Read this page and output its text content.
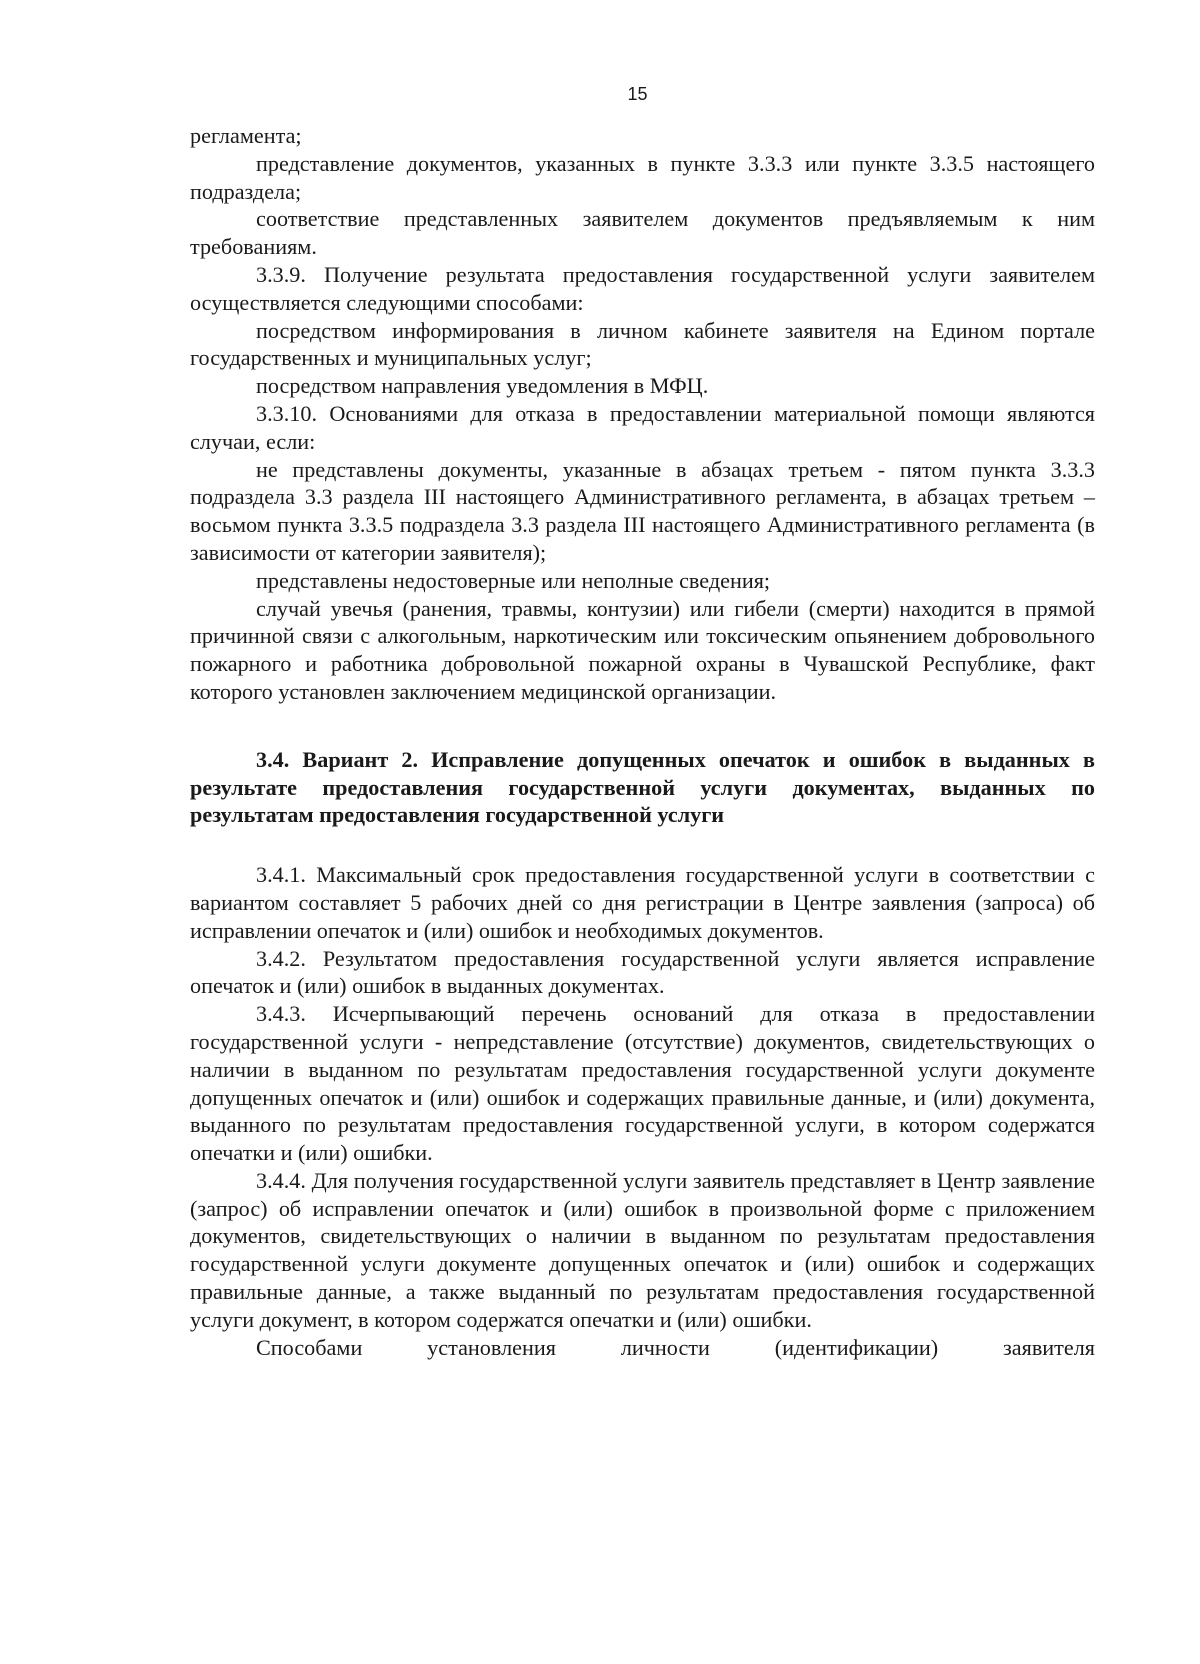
15

регламента;

представление документов, указанных в пункте 3.3.3 или пункте 3.3.5 настоящего подраздела;

соответствие представленных заявителем документов предъявляемым к ним требованиям.

3.3.9. Получение результата предоставления государственной услуги заявителем осуществляется следующими способами:

посредством информирования в личном кабинете заявителя на Едином портале государственных и муниципальных услуг;

посредством направления уведомления в МФЦ.

3.3.10. Основаниями для отказа в предоставлении материальной помощи являются случаи, если:

не представлены документы, указанные в абзацах третьем - пятом пункта 3.3.3 подраздела 3.3 раздела III настоящего Административного регламента, в абзацах третьем – восьмом пункта 3.3.5 подраздела 3.3 раздела III настоящего Административного регламента (в зависимости от категории заявителя);

представлены недостоверные или неполные сведения;

случай увечья (ранения, травмы, контузии) или гибели (смерти) находится в прямой причинной связи с алкогольным, наркотическим или токсическим опьянением добровольного пожарного и работника добровольной пожарной охраны в Чувашской Республике, факт которого установлен заключением медицинской организации.

3.4. Вариант 2. Исправление допущенных опечаток и ошибок в выданных в результате предоставления государственной услуги документах, выданных по результатам предоставления государственной услуги

3.4.1. Максимальный срок предоставления государственной услуги в соответствии с вариантом составляет 5 рабочих дней со дня регистрации в Центре заявления (запроса) об исправлении опечаток и (или) ошибок и необходимых документов.

3.4.2. Результатом предоставления государственной услуги является исправление опечаток и (или) ошибок в выданных документах.

3.4.3. Исчерпывающий перечень оснований для отказа в предоставлении государственной услуги - непредставление (отсутствие) документов, свидетельствующих о наличии в выданном по результатам предоставления государственной услуги документе допущенных опечаток и (или) ошибок и содержащих правильные данные, и (или) документа, выданного по результатам предоставления государственной услуги, в котором содержатся опечатки и (или) ошибки.

3.4.4. Для получения государственной услуги заявитель представляет в Центр заявление (запрос) об исправлении опечаток и (или) ошибок в произвольной форме с приложением документов, свидетельствующих о наличии в выданном по результатам предоставления государственной услуги документе допущенных опечаток и (или) ошибок и содержащих правильные данные, а также выданный по результатам предоставления государственной услуги документ, в котором содержатся опечатки и (или) ошибки.

Способами установления личности (идентификации) заявителя
